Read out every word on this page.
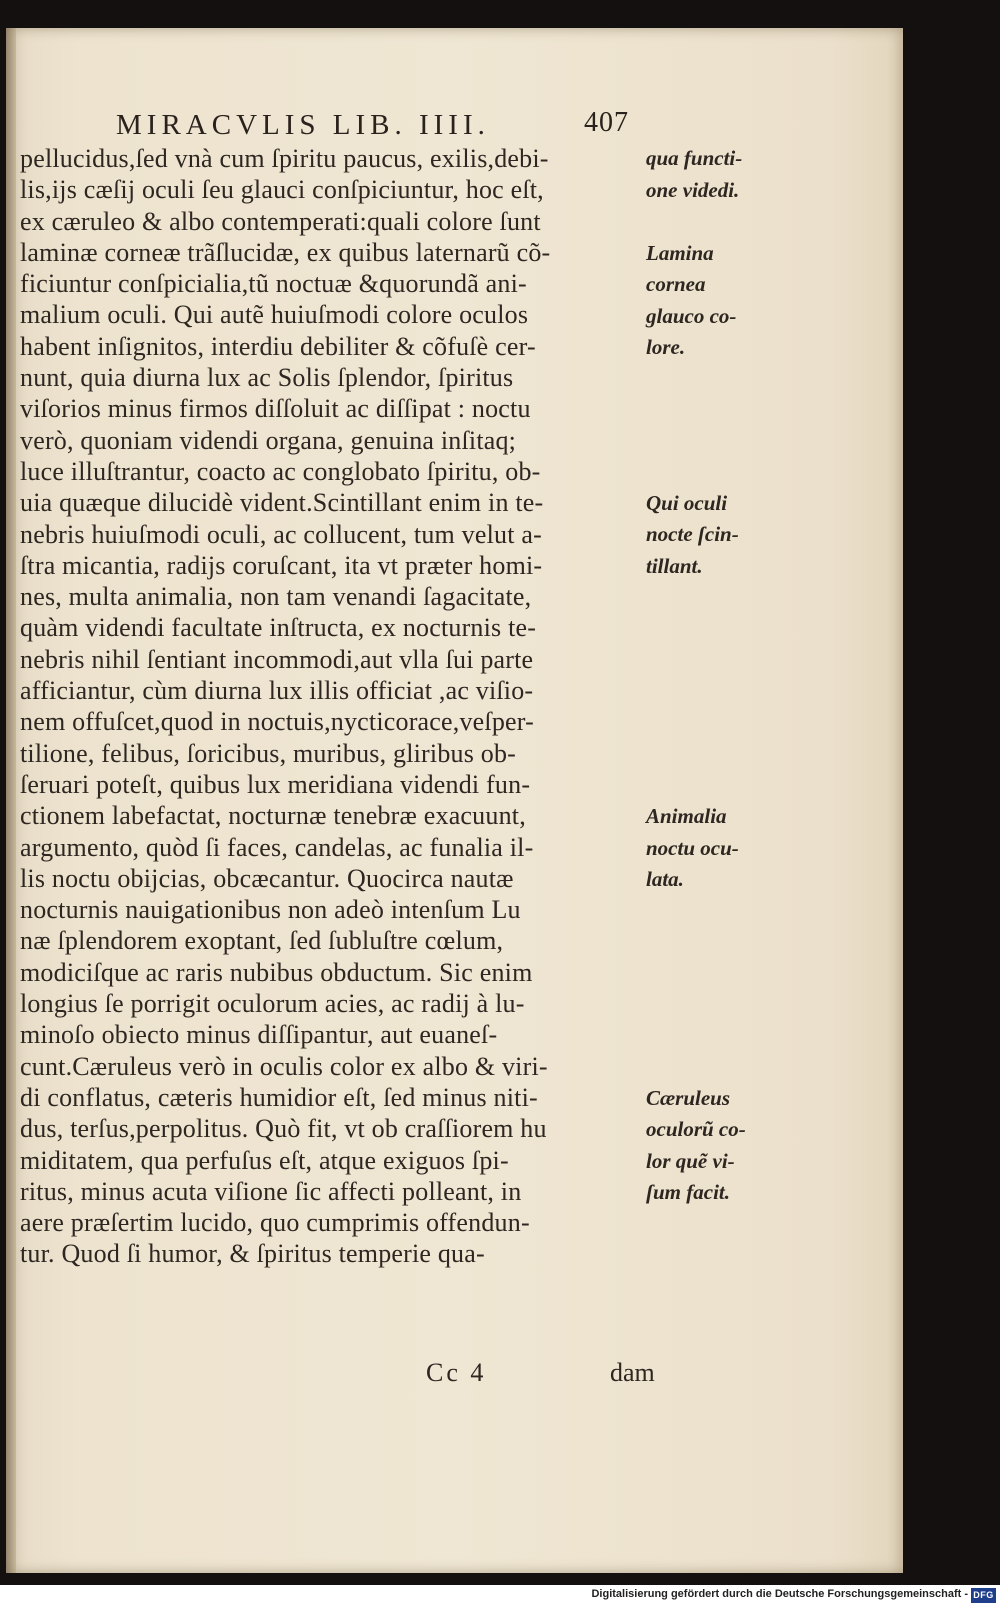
MIRACVLIS LIB. IIII.	407
pellucidus,ſed vnà cum ſpiritu paucus, exilis,debi-
lis,ijs cæſij oculi ſeu glauci conſpiciuntur, hoc eſt,
ex cæruleo & albo contemperati:quali colore ſunt
laminæ corneæ trãſlucidæ, ex quibus laternarũ cõ-
ficiuntur conſpicialia,tũ noctuæ &quorundã ani-
malium oculi. Qui autẽ huiuſmodi colore oculos
habent inſignitos, interdiu debiliter & cõfuſè cer-
nunt, quia diurna lux ac Solis ſplendor, ſpiritus
viſorios minus firmos diſſoluit ac diſſipat : noctu
verò, quoniam videndi organa, genuina inſitaq;
luce illuſtrantur, coacto ac conglobato ſpiritu, ob-
uia quæque dilucidè vident.Scintillant enim in te-
nebris huiuſmodi oculi, ac collucent, tum velut a-
ſtra micantia, radijs coruſcant, ita vt præter homi-
nes, multa animalia, non tam venandi ſagacitate,
quàm videndi facultate inſtructa, ex nocturnis te-
nebris nihil ſentiant incommodi,aut vlla ſui parte
afficiantur, cùm diurna lux illis officiat ,ac viſio-
nem offuſcet,quod in noctuis,nycticorace,veſper-
tilione, felibus, ſoricibus, muribus, gliribus ob-
ſeruari poteſt, quibus lux meridiana videndi fun-
ctionem labefactat, nocturnæ tenebræ exacuunt,
argumento, quòd ſi faces, candelas, ac funalia il-
lis noctu obijcias, obcæcantur. Quocirca nautæ
nocturnis nauigationibus non adeò intenſum Lu
næ ſplendorem exoptant, ſed ſubluſtre cœlum,
modiciſque ac raris nubibus obductum. Sic enim
longius ſe porrigit oculorum acies, ac radij à lu-
minoſo obiecto minus diſſipantur, aut euaneſ-
cunt.Cæruleus verò in oculis color ex albo & viri-
di conflatus, cæteris humidior eſt, ſed minus niti-
dus, terſus,perpolitus. Quò fit, vt ob craſſiorem hu
miditatem, qua perfuſus eſt, atque exiguos ſpi-
ritus, minus acuta viſione ſic affecti polleant, in
aere præſertim lucido, quo cumprimis offendun-
tur. Quod ſi humor, & ſpiritus temperie qua-
Cc 4	dam
qua functi-
one videdi.
Lamina
cornea
glauco co-
lore.
Qui oculi
nocte ſcin-
tillant.
Animalia
noctu ocu-
lata.
Cæruleus
oculorũ co-
lor quẽ vi-
ſum facit.
Digitalisierung gefördert durch die Deutsche Forschungsgemeinschaft - DFG
